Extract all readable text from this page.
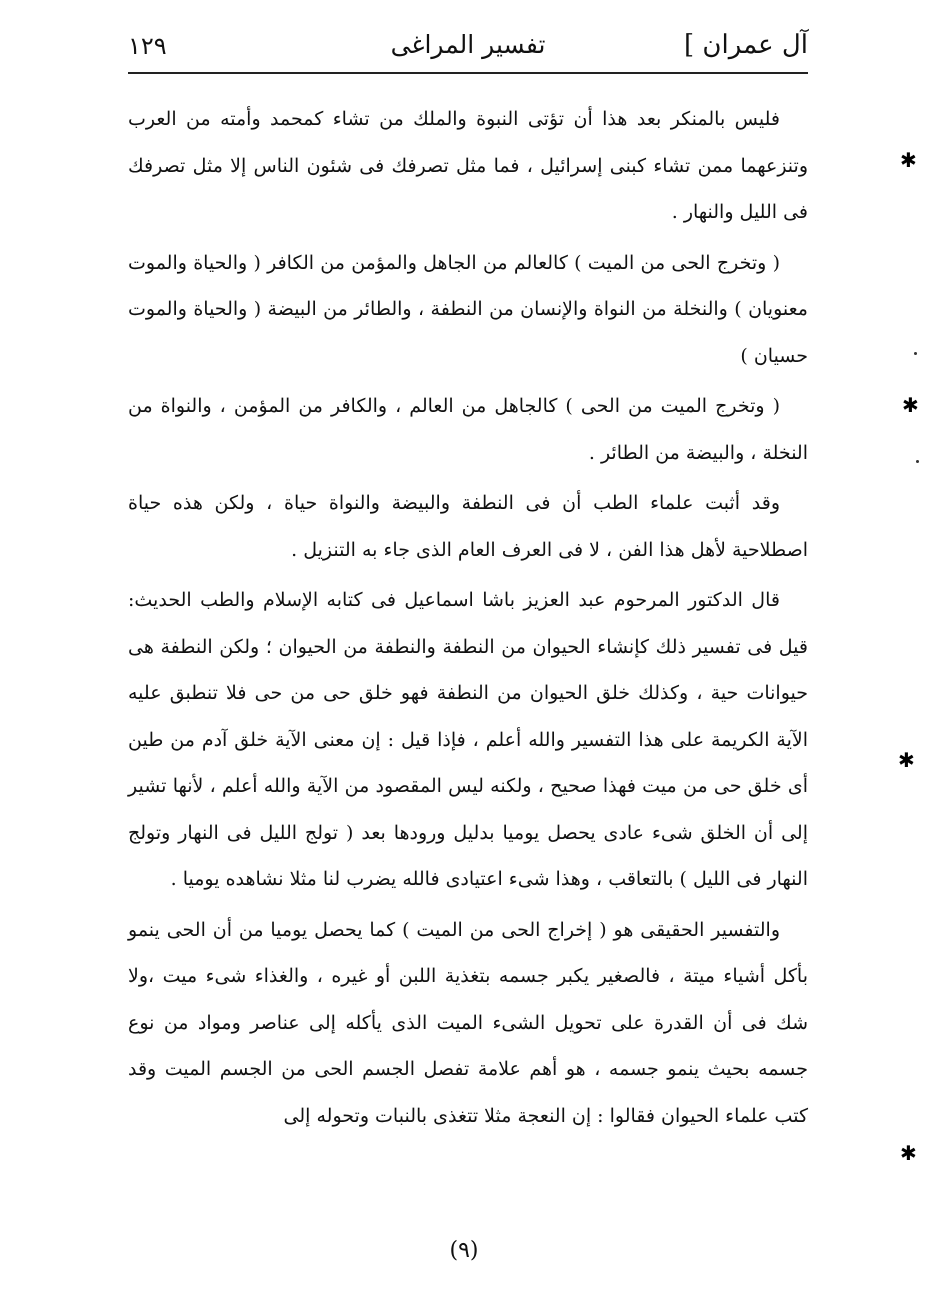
آل عمران ]
تفسير المراغى
١٢٩

فليس بالمنكر بعد هذا أن تؤتى النبوة والملك من تشاء كمحمد وأمته من العرب وتنزعهما ممن تشاء كبنى إسرائيل ، فما مثل تصرفك فى شئون الناس إلا مثل تصرفك فى الليل والنهار .

( وتخرج الحى من الميت ) كالعالم من الجاهل والمؤمن من الكافر ( والحياة والموت معنويان ) والنخلة من النواة والإنسان من النطفة ، والطائر من البيضة ( والحياة والموت حسيان )

( وتخرج الميت من الحى ) كالجاهل من العالم ، والكافر من المؤمن ، والنواة من النخلة ، والبيضة من الطائر .

وقد أثبت علماء الطب أن فى النطفة والبيضة والنواة حياة ، ولكن هذه حياة اصطلاحية لأهل هذا الفن ، لا فى العرف العام الذى جاء به التنزيل .

قال الدكتور المرحوم عبد العزيز باشا اسماعيل فى كتابه الإسلام والطب الحديث: قيل فى تفسير ذلك كإنشاء الحيوان من النطفة والنطفة من الحيوان ؛ ولكن النطفة هى حيوانات حية ، وكذلك خلق الحيوان من النطفة فهو خلق حى من حى فلا تنطبق عليه الآية الكريمة على هذا التفسير والله أعلم ، فإذا قيل : إن معنى الآية خلق آدم من طين أى خلق حى من ميت فهذا صحيح ، ولكنه ليس المقصود من الآية والله أعلم ، لأنها تشير إلى أن الخلق شىء عادى يحصل يوميا بدليل ورودها بعد ( تولج الليل فى النهار وتولج النهار فى الليل ) بالتعاقب ، وهذا شىء اعتيادى فالله يضرب لنا مثلا نشاهده يوميا .

والتفسير الحقيقى هو ( إخراج الحى من الميت ) كما يحصل يوميا من أن الحى ينمو بأكل أشياء ميتة ، فالصغير يكبر جسمه بتغذية اللبن أو غيره ، والغذاء شىء ميت ،ولا شك فى أن القدرة على تحويل الشىء الميت الذى يأكله إلى عناصر ومواد من نوع جسمه بحيث ينمو جسمه ، هو أهم علامة تفصل الجسم الحى من الجسم الميت وقد كتب علماء الحيوان فقالوا : إن النعجة مثلا تتغذى بالنبات وتحوله إلى

(٩)
✱
✱
✱
✱
